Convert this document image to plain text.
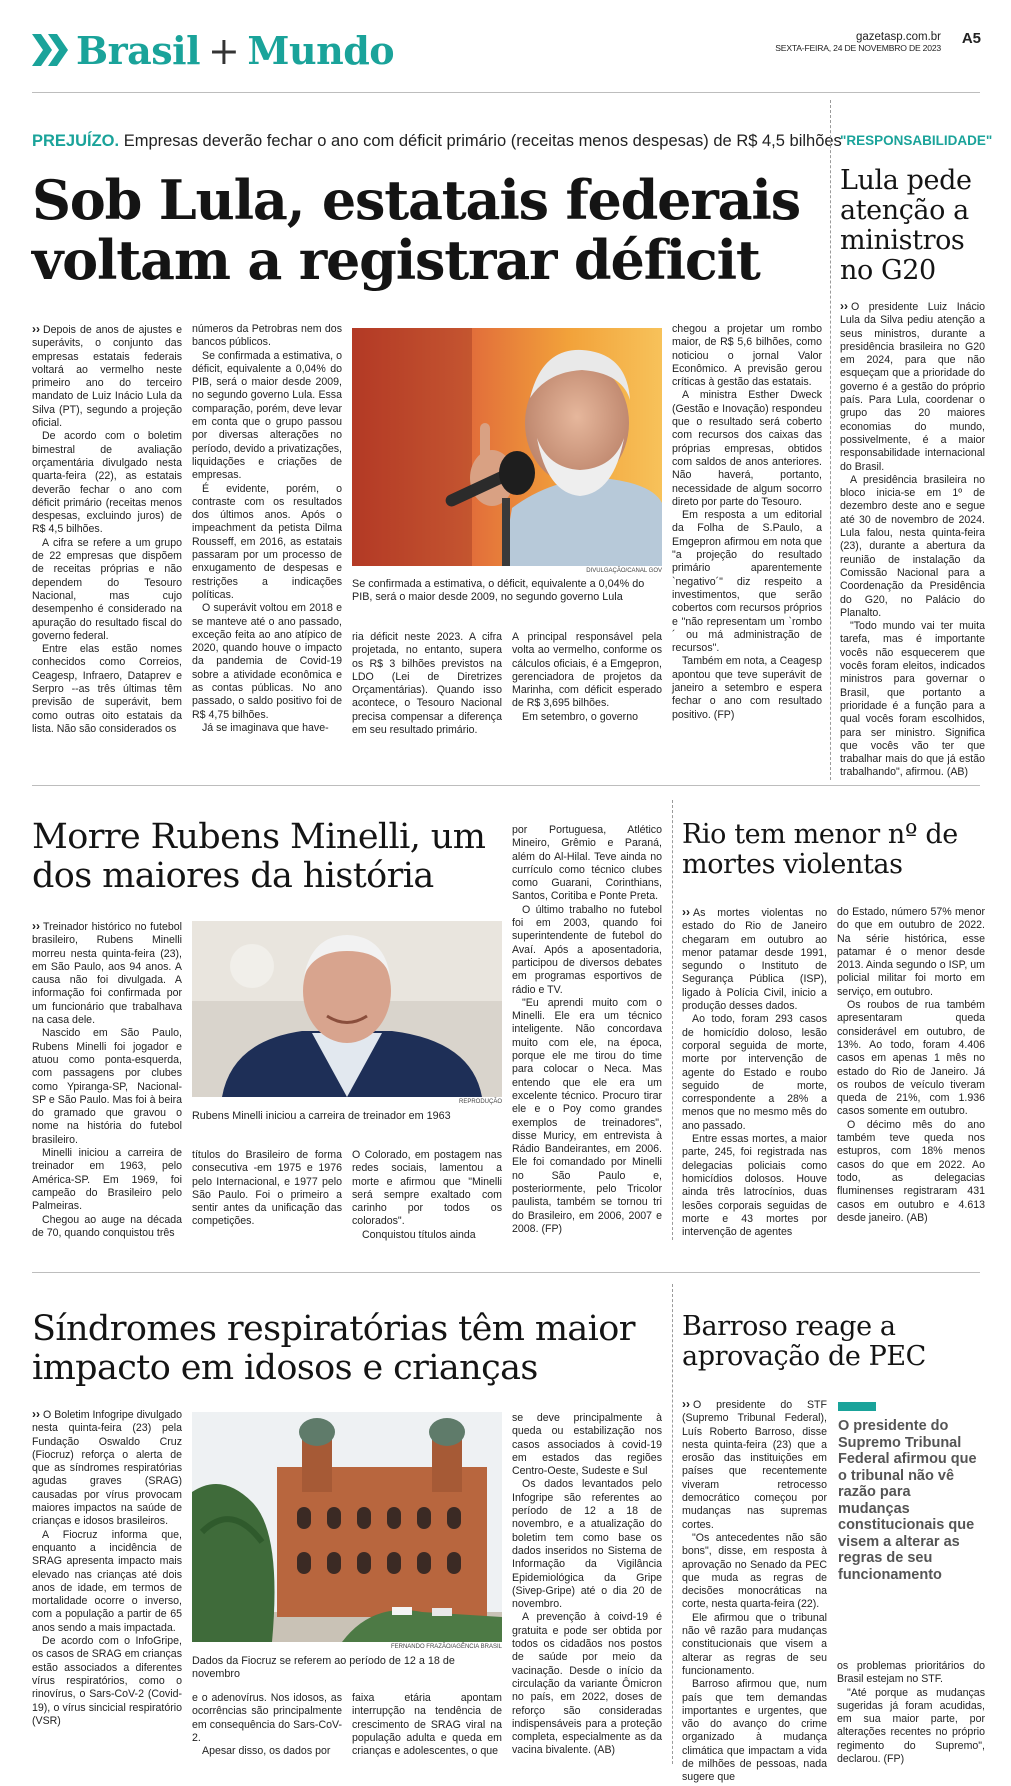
Brasil + Mundo	gazetasp.com.br
SEXTA-FEIRA, 24 DE NOVEMBRO DE 2023
A5
PREJUÍZO. Empresas deverão fechar o ano com déficit primário (receitas menos despesas) de R$ 4,5 bilhões
Sob Lula, estatais federais
voltam a registrar déficit

›› Depois de anos de ajustes e superávits, o conjunto das empresas estatais federais voltará ao vermelho neste primeiro ano do terceiro mandato de Luiz Inácio Lula da Silva (PT), segundo a projeção oficial.

De acordo com o boletim bimestral de avaliação orçamentária divulgado nesta quarta-feira (22), as estatais deverão fechar o ano com déficit primário (receitas menos despesas, excluindo juros) de R$ 4,5 bilhões.

A cifra se refere a um grupo de 22 empresas que dispõem de receitas próprias e não dependem do Tesouro Nacional, mas cujo desempenho é considerado na apuração do resultado fiscal do governo federal.

Entre elas estão nomes conhecidos como Correios, Ceagesp, Infraero, Dataprev e Serpro --as três últimas têm previsão de superávit, bem como outras oito estatais da lista. Não são considerados os

números da Petrobras nem dos bancos públicos.

Se confirmada a estimativa, o déficit, equivalente a 0,04% do PIB, será o maior desde 2009, no segundo governo Lula. Essa comparação, porém, deve levar em conta que o grupo passou por diversas alterações no período, devido a privatizações, liquidações e criações de empresas.

É evidente, porém, o contraste com os resultados dos últimos anos. Após o impeachment da petista Dilma Rousseff, em 2016, as estatais passaram por um processo de enxugamento de despesas e restrições a indicações políticas.

O superávit voltou em 2018 e se manteve até o ano passado, exceção feita ao ano atípico de 2020, quando houve o impacto da pandemia de Covid-19 sobre a atividade econômica e as contas públicas. No ano passado, o saldo positivo foi de R$ 4,75 bilhões.

Já se imaginava que have-

DIVULGAÇÃO/CANAL GOV
Se confirmada a estimativa, o déficit, equivalente a 0,04% do PIB, será o maior desde 2009, no segundo governo Lula

ria déficit neste 2023. A cifra projetada, no entanto, supera os R$ 3 bilhões previstos na LDO (Lei de Diretrizes Orçamentárias). Quando isso acontece, o Tesouro Nacional precisa compensar a diferença em seu resultado primário.

A principal responsável pela volta ao vermelho, conforme os cálculos oficiais, é a Emgepron, gerenciadora de projetos da Marinha, com déficit esperado de R$ 3,695 bilhões.

Em setembro, o governo

chegou a projetar um rombo maior, de R$ 5,6 bilhões, como noticiou o jornal Valor Econômico. A previsão gerou críticas à gestão das estatais.

A ministra Esther Dweck (Gestão e Inovação) respondeu que o resultado será coberto com recursos dos caixas das próprias empresas, obtidos com saldos de anos anteriores. Não haverá, portanto, necessidade de algum socorro direto por parte do Tesouro.

Em resposta a um editorial da Folha de S.Paulo, a Emgepron afirmou em nota que "a projeção do resultado primário aparentemente `negativo´" diz respeito a investimentos, que serão cobertos com recursos próprios e "não representam um `rombo´ ou má administração de recursos".

Também em nota, a Ceagesp apontou que teve superávit de janeiro a setembro e espera fechar o ano com resultado positivo. (FP)

"RESPONSABILIDADE"
Lula pede
atenção a
ministros
no G20

›› O presidente Luiz Inácio Lula da Silva pediu atenção a seus ministros, durante a presidência brasileira no G20 em 2024, para que não esqueçam que a prioridade do governo é a gestão do próprio país. Para Lula, coordenar o grupo das 20 maiores economias do mundo, possivelmente, é a maior responsabilidade internacional do Brasil.

A presidência brasileira no bloco inicia-se em 1º de dezembro deste ano e segue até 30 de novembro de 2024. Lula falou, nesta quinta-feira (23), durante a abertura da reunião de instalação da Comissão Nacional para a Coordenação da Presidência do G20, no Palácio do Planalto.

"Todo mundo vai ter muita tarefa, mas é importante vocês não esquecerem que vocês foram eleitos, indicados ministros para governar o Brasil, que portanto a prioridade é a função para a qual vocês foram escolhidos, para ser ministro. Significa que vocês vão ter que trabalhar mais do que já estão trabalhando", afirmou. (AB)

Morre Rubens Minelli, um
dos maiores da história

›› Treinador histórico no futebol brasileiro, Rubens Minelli morreu nesta quinta-feira (23), em São Paulo, aos 94 anos. A causa não foi divulgada. A informação foi confirmada por um funcionário que trabalhava na casa dele.

Nascido em São Paulo, Rubens Minelli foi jogador e atuou como ponta-esquerda, com passagens por clubes como Ypiranga-SP, Nacional-SP e São Paulo. Mas foi à beira do gramado que gravou o nome na história do futebol brasileiro.

Minelli iniciou a carreira de treinador em 1963, pelo América-SP. Em 1969, foi campeão do Brasileiro pelo Palmeiras.

Chegou ao auge na década de 70, quando conquistou três

REPRODUÇÃO
Rubens Minelli iniciou a carreira de treinador em 1963

títulos do Brasileiro de forma consecutiva -em 1975 e 1976 pelo Internacional, e 1977 pelo São Paulo. Foi o primeiro a sentir antes da unificação das competições.

O Colorado, em postagem nas redes sociais, lamentou a morte e afirmou que "Minelli será sempre exaltado com carinho por todos os colorados".

Conquistou títulos ainda

por Portuguesa, Atlético Mineiro, Grêmio e Paraná, além do Al-Hilal. Teve ainda no currículo como técnico clubes como Guarani, Corinthians, Santos, Coritiba e Ponte Preta.

O último trabalho no futebol foi em 2003, quando foi superintendente de futebol do Avaí. Após a aposentadoria, participou de diversos debates em programas esportivos de rádio e TV.

"Eu aprendi muito com o Minelli. Ele era um técnico inteligente. Não concordava muito com ele, na época, porque ele me tirou do time para colocar o Neca. Mas entendo que ele era um excelente técnico. Procuro tirar ele e o Poy como grandes exemplos de treinadores", disse Muricy, em entrevista à Rádio Bandeirantes, em 2006. Ele foi comandado por Minelli no São Paulo e, posteriormente, pelo Tricolor paulista, também se tornou tri do Brasileiro, em 2006, 2007 e 2008. (FP)

Rio tem menor nº de
mortes violentas

›› As mortes violentas no estado do Rio de Janeiro chegaram em outubro ao menor patamar desde 1991, segundo o Instituto de Segurança Pública (ISP), ligado à Polícia Civil, inicio a produção desses dados.

Ao todo, foram 293 casos de homicídio doloso, lesão corporal seguida de morte, morte por intervenção de agente do Estado e roubo seguido de morte, correspondente a 28% a menos que no mesmo mês do ano passado.

Entre essas mortes, a maior parte, 245, foi registrada nas delegacias policiais como homicídios dolosos. Houve ainda três latrocínios, duas lesões corporais seguidas de morte e 43 mortes por intervenção de agentes

do Estado, número 57% menor do que em outubro de 2022. Na série histórica, esse patamar é o menor desde 2013. Ainda segundo o ISP, um policial militar foi morto em serviço, em outubro.

Os roubos de rua também apresentaram queda considerável em outubro, de 13%. Ao todo, foram 4.406 casos em apenas 1 mês no estado do Rio de Janeiro. Já os roubos de veículo tiveram queda de 21%, com 1.936 casos somente em outubro.

O décimo mês do ano também teve queda nos estupros, com 18% menos casos do que em 2022. Ao todo, as delegacias fluminenses registraram 431 casos em outubro e 4.613 desde janeiro. (AB)

Síndromes respiratórias têm maior
impacto em idosos e crianças

›› O Boletim Infogripe divulgado nesta quinta-feira (23) pela Fundação Oswaldo Cruz (Fiocruz) reforça o alerta de que as síndromes respiratórias agudas graves (SRAG) causadas por vírus provocam maiores impactos na saúde de crianças e idosos brasileiros.

A Fiocruz informa que, enquanto a incidência de SRAG apresenta impacto mais elevado nas crianças até dois anos de idade, em termos de mortalidade ocorre o inverso, com a população a partir de 65 anos sendo a mais impactada.

De acordo com o InfoGripe, os casos de SRAG em crianças estão associados a diferentes vírus respiratórios, como o rinovírus, o Sars-CoV-2 (Covid-19), o vírus sincicial respiratório (VSR)

FERNANDO FRAZÃO/AGÊNCIA BRASIL
Dados da Fiocruz se referem ao período de 12 a 18 de novembro

e o adenovírus. Nos idosos, as ocorrências são principalmente em consequência do Sars-CoV-2.

Apesar disso, os dados por

faixa etária apontam interrupção na tendência de crescimento de SRAG viral na população adulta e queda em crianças e adolescentes, o que

se deve principalmente à queda ou estabilização nos casos associados à covid-19 em estados das regiões Centro-Oeste, Sudeste e Sul

Os dados levantados pelo Infogripe são referentes ao período de 12 a 18 de novembro, e a atualização do boletim tem como base os dados inseridos no Sistema de Informação da Vigilância Epidemiológica da Gripe (Sivep-Gripe) até o dia 20 de novembro.

A prevenção à coivd-19 é gratuita e pode ser obtida por todos os cidadãos nos postos de saúde por meio da vacinação. Desde o início da circulação da variante Ômicron no país, em 2022, doses de reforço são consideradas indispensáveis para a proteção completa, especialmente as da vacina bivalente. (AB)

Barroso reage a
aprovação de PEC

›› O presidente do STF (Supremo Tribunal Federal), Luís Roberto Barroso, disse nesta quinta-feira (23) que a erosão das instituições em países que recentemente viveram retrocesso democrático começou por mudanças nas supremas cortes.

"Os antecedentes não são bons", disse, em resposta à aprovação no Senado da PEC que muda as regras de decisões monocráticas na corte, nesta quarta-feira (22).

Ele afirmou que o tribunal não vê razão para mudanças constitucionais que visem a alterar as regras de seu funcionamento.

Barroso afirmou que, num país que tem demandas importantes e urgentes, que vão do avanço do crime organizado à mudança climática que impactam a vida de milhões de pessoas, nada sugere que

O presidente do Supremo Tribunal Federal afirmou que o tribunal não vê razão para mudanças constitucionais que visem a alterar as regras de seu funcionamento

os problemas prioritários do Brasil estejam no STF.

"Até porque as mudanças sugeridas já foram acudidas, em sua maior parte, por alterações recentes no próprio regimento do Supremo", declarou. (FP)
